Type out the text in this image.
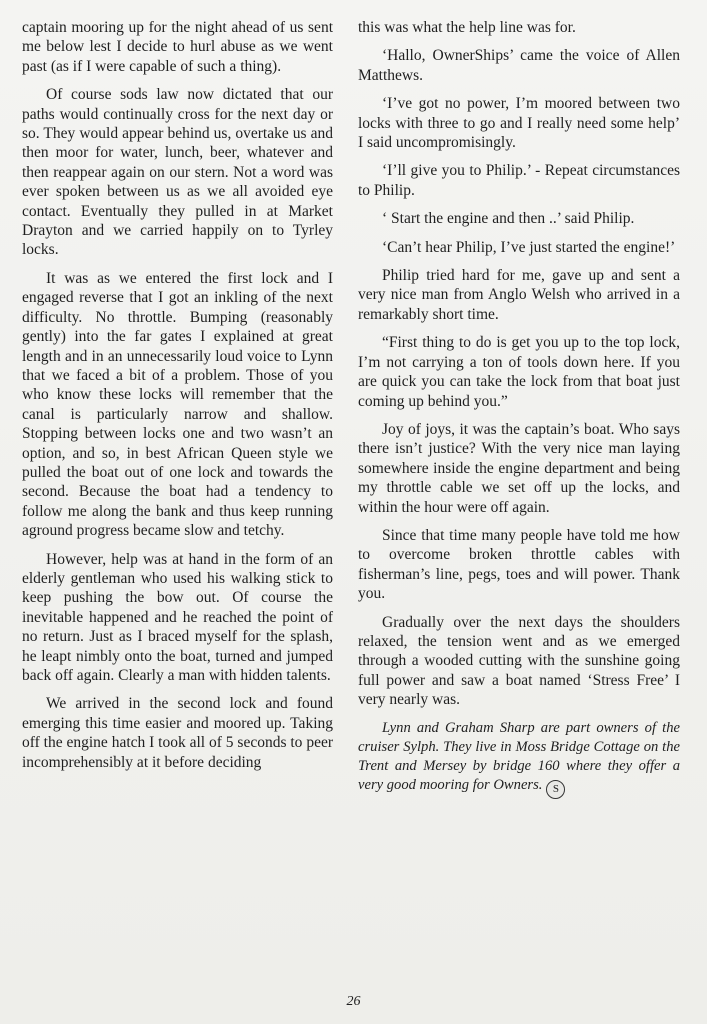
captain mooring up for the night ahead of us sent me below lest I decide to hurl abuse as we went past (as if I were capable of such a thing).

Of course sods law now dictated that our paths would continually cross for the next day or so. They would appear behind us, overtake us and then moor for water, lunch, beer, whatever and then reappear again on our stern. Not a word was ever spoken between us as we all avoided eye contact. Eventually they pulled in at Market Drayton and we carried happily on to Tyrley locks.

It was as we entered the first lock and I engaged reverse that I got an inkling of the next difficulty. No throttle. Bumping (reasonably gently) into the far gates I explained at great length and in an unnecessarily loud voice to Lynn that we faced a bit of a problem. Those of you who know these locks will remember that the canal is particularly narrow and shallow. Stopping between locks one and two wasn’t an option, and so, in best African Queen style we pulled the boat out of one lock and towards the second. Because the boat had a tendency to follow me along the bank and thus keep running aground progress became slow and tetchy.

However, help was at hand in the form of an elderly gentleman who used his walking stick to keep pushing the bow out. Of course the inevitable happened and he reached the point of no return. Just as I braced myself for the splash, he leapt nimbly onto the boat, turned and jumped back off again. Clearly a man with hidden talents.

We arrived in the second lock and found emerging this time easier and moored up. Taking off the engine hatch I took all of 5 seconds to peer incomprehensibly at it before deciding

this was what the help line was for.

‘Hallo, OwnerShips’ came the voice of Allen Matthews.

‘I’ve got no power, I’m moored between two locks with three to go and I really need some help’ I said uncompromisingly.

‘I’ll give you to Philip.’ - Repeat circumstances to Philip.

‘ Start the engine and then ..’ said Philip.

‘Can’t hear Philip, I’ve just started the engine!’

Philip tried hard for me, gave up and sent a very nice man from Anglo Welsh who arrived in a remarkably short time.

“First thing to do is get you up to the top lock, I’m not carrying a ton of tools down here. If you are quick you can take the lock from that boat just coming up behind you.”

Joy of joys, it was the captain’s boat. Who says there isn’t justice? With the very nice man laying somewhere inside the engine department and being my throttle cable we set off up the locks, and within the hour were off again.

Since that time many people have told me how to overcome broken throttle cables with fisherman’s line, pegs, toes and will power. Thank you.

Gradually over the next days the shoulders relaxed, the tension went and as we emerged through a wooded cutting with the sunshine going full power and saw a boat named ‘Stress Free’ I very nearly was.

Lynn and Graham Sharp are part owners of the cruiser Sylph. They live in Moss Bridge Cottage on the Trent and Mersey by bridge 160 where they offer a very good mooring for Owners. S

26
